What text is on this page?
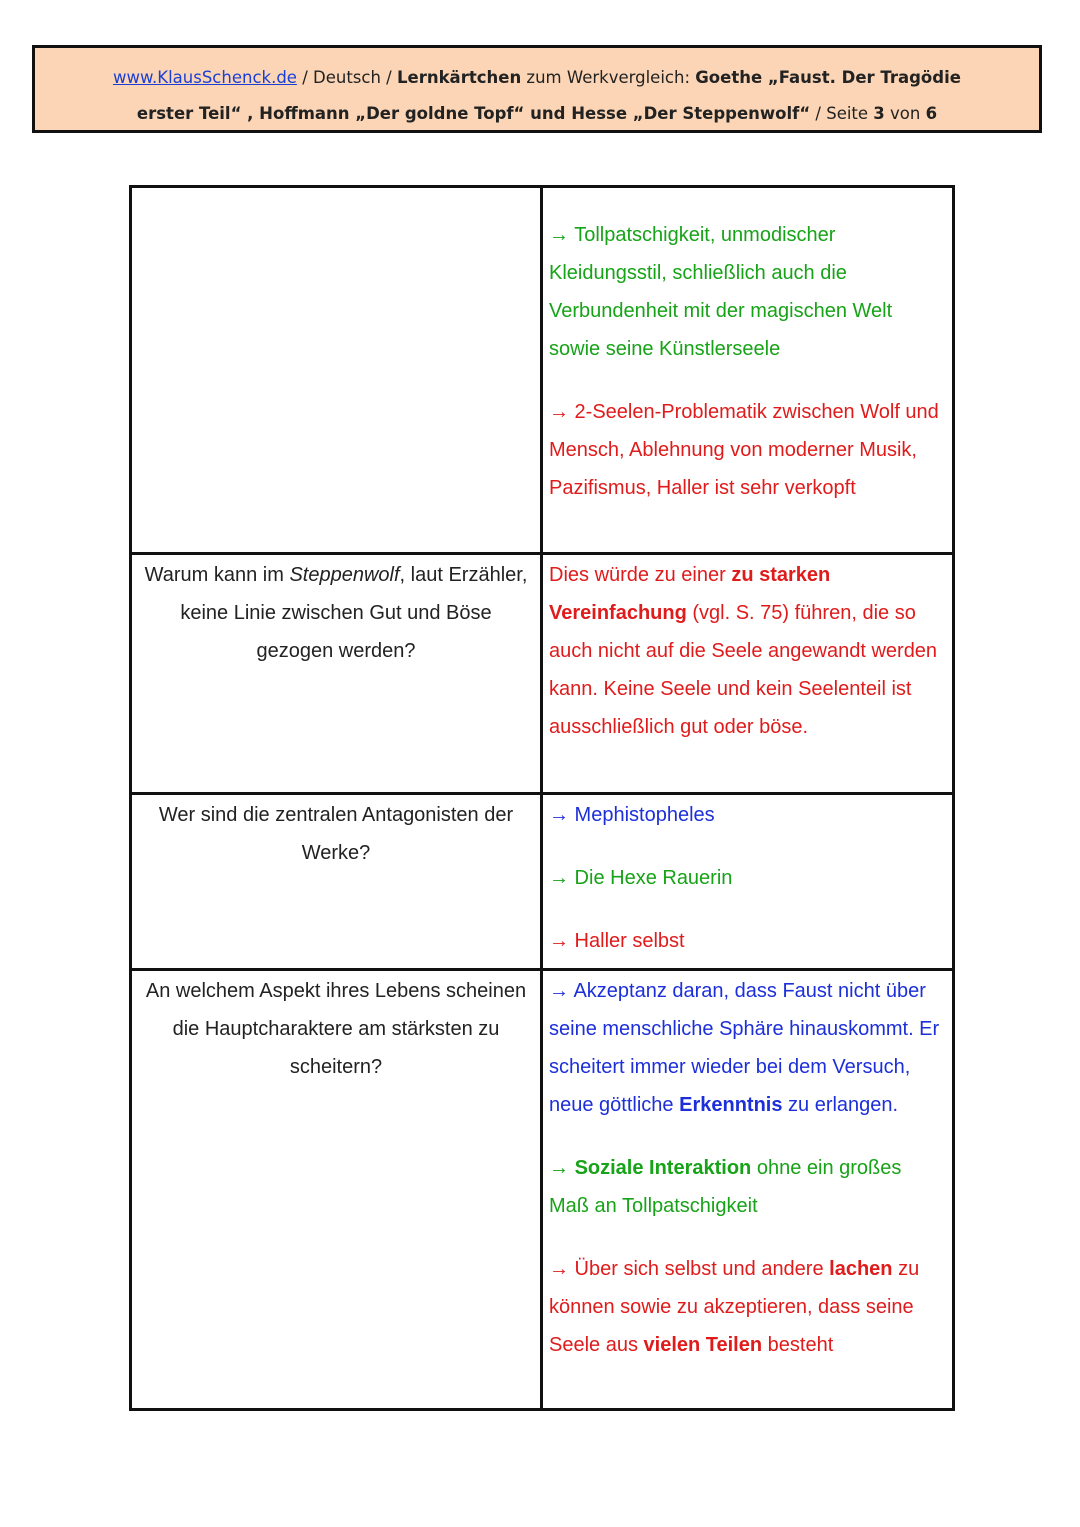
www.KlausSchenck.de / Deutsch / Lernkärtchen zum Werkvergleich: Goethe „Faust. Der Tragödie
erster Teil“ , Hoffmann „Der goldne Topf“ und Hesse „Der Steppenwolf“ / Seite 3 von 6

	→ Tollpatschigkeit, unmodischer Kleidungsstil, schließlich auch die Verbundenheit mit der magischen Welt sowie seine Künstlerseele
→ 2-Seelen-Problematik zwischen Wolf und Mensch, Ablehnung von moderner Musik, Pazifismus, Haller ist sehr verkopft

Warum kann im Steppenwolf, laut Erzähler, keine Linie zwischen Gut und Böse gezogen werden?	Dies würde zu einer zu starken Vereinfachung (vgl. S. 75) führen, die so auch nicht auf die Seele angewandt werden kann. Keine Seele und kein Seelenteil ist ausschließlich gut oder böse.
Wer sind die zentralen Antagonisten der Werke?	→ Mephistopheles
→ Die Hexe Rauerin
→ Haller selbst

An welchem Aspekt ihres Lebens scheinen die Hauptcharaktere am stärksten zu scheitern?	→ Akzeptanz daran, dass Faust nicht über seine menschliche Sphäre hinauskommt. Er scheitert immer wieder bei dem Versuch, neue göttliche Erkenntnis zu erlangen.
→ Soziale Interaktion ohne ein großes Maß an Tollpatschigkeit
→ Über sich selbst und andere lachen zu können sowie zu akzeptieren, dass seine Seele aus vielen Teilen besteht
